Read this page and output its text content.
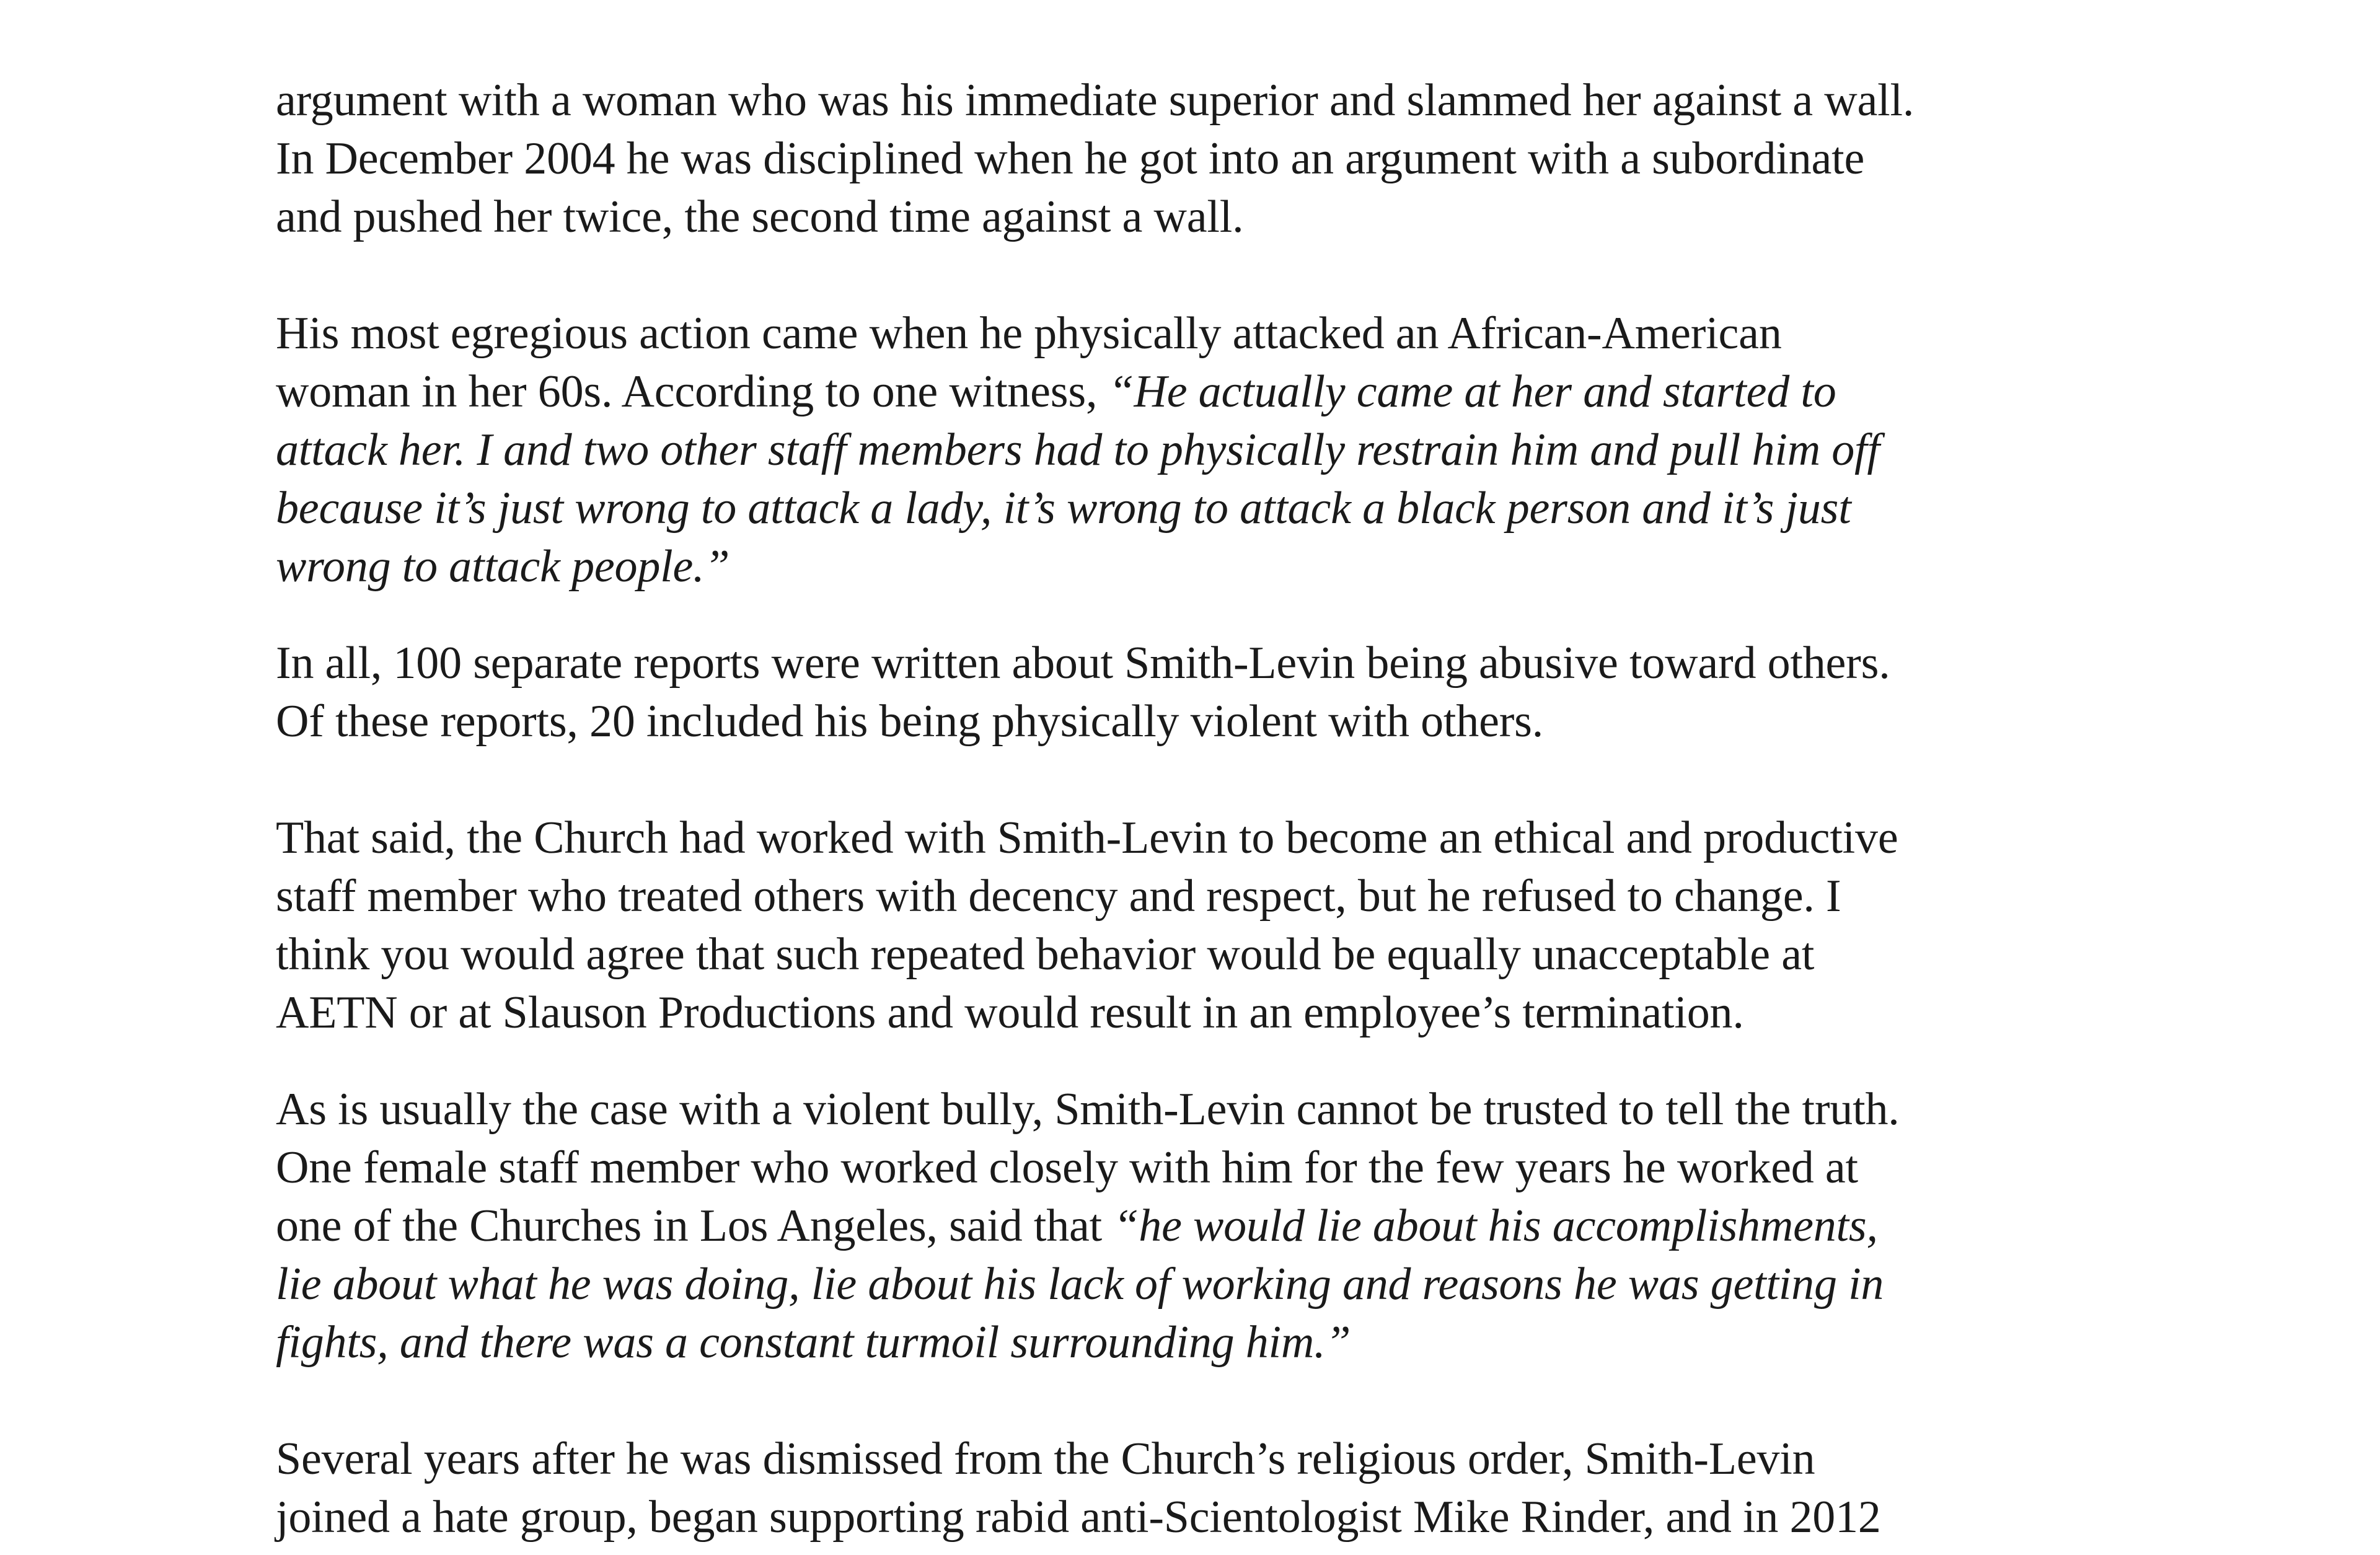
argument with a woman who was his immediate superior and slammed her against a wall.
In December 2004 he was disciplined when he got into an argument with a subordinate
and pushed her twice, the second time against a wall.

His most egregious action came when he physically attacked an African-American
woman in her 60s. According to one witness, “He actually came at her and started to
attack her. I and two other staff members had to physically restrain him and pull him off
because it’s just wrong to attack a lady, it’s wrong to attack a black person and it’s just
wrong to attack people.”

In all, 100 separate reports were written about Smith-Levin being abusive toward others.
Of these reports, 20 included his being physically violent with others.

That said, the Church had worked with Smith-Levin to become an ethical and productive
staff member who treated others with decency and respect, but he refused to change. I
think you would agree that such repeated behavior would be equally unacceptable at
AETN or at Slauson Productions and would result in an employee’s termination.

As is usually the case with a violent bully, Smith-Levin cannot be trusted to tell the truth.
One female staff member who worked closely with him for the few years he worked at
one of the Churches in Los Angeles, said that “he would lie about his accomplishments,
lie about what he was doing, lie about his lack of working and reasons he was getting in
fights, and there was a constant turmoil surrounding him.”

Several years after he was dismissed from the Church’s religious order, Smith-Levin
joined a hate group, began supporting rabid anti-Scientologist Mike Rinder, and in 2012
